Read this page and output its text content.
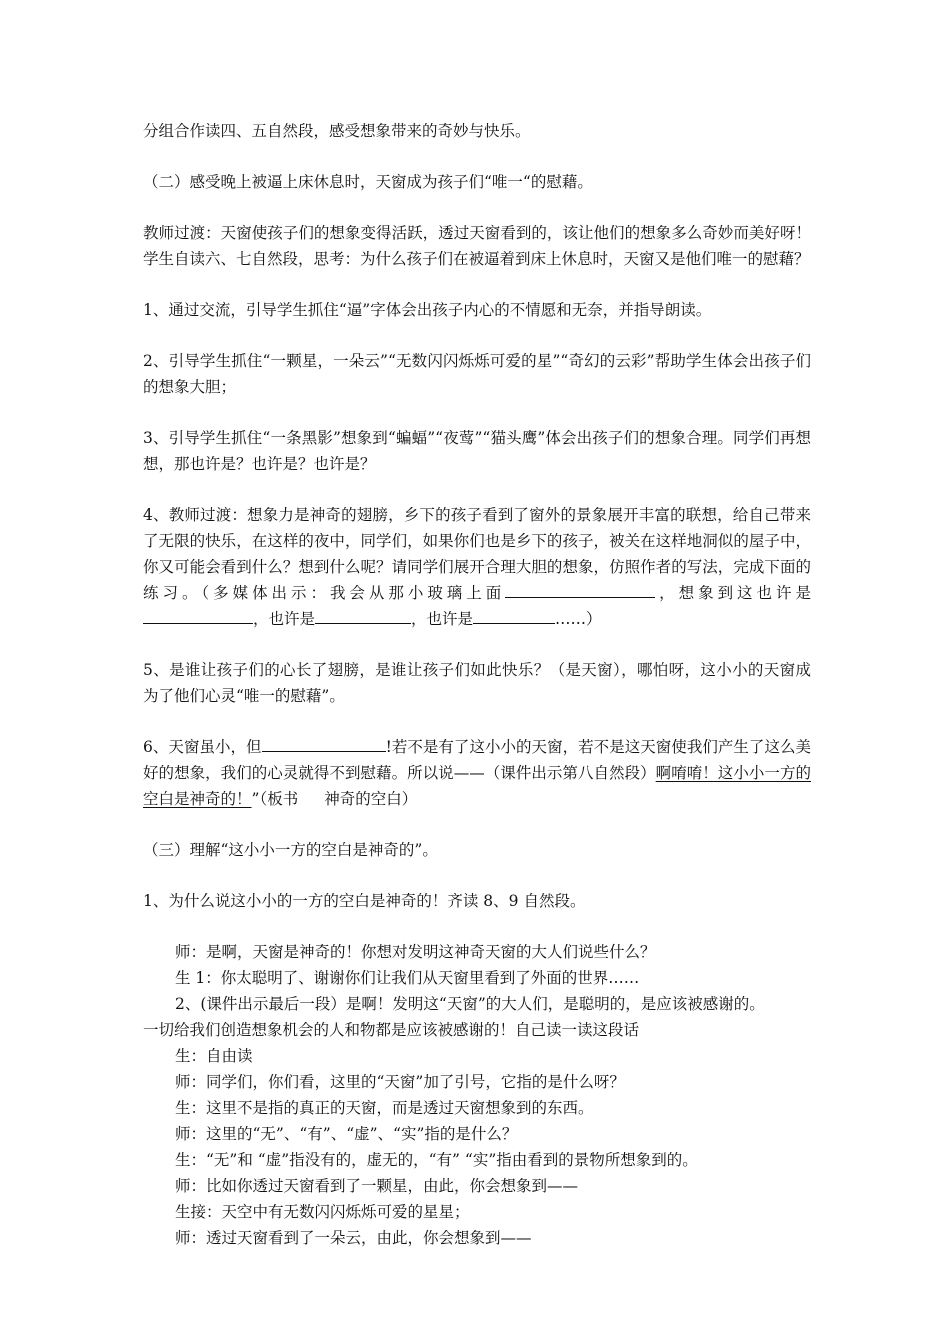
分组合作读四、五自然段，感受想象带来的奇妙与快乐。

（二）感受晚上被逼上床休息时，天窗成为孩子们“唯一“的慰藉。

教师过渡：天窗使孩子们的想象变得活跃，透过天窗看到的，该让他们的想象多么奇妙而美好呀！学生自读六、七自然段，思考：为什么孩子们在被逼着到床上休息时，天窗又是他们唯一的慰藉？

1、通过交流，引导学生抓住“逼”字体会出孩子内心的不情愿和无奈，并指导朗读。

2、引导学生抓住“一颗星，一朵云”“无数闪闪烁烁可爱的星”“奇幻的云彩”帮助学生体会出孩子们的想象大胆；

3、引导学生抓住“一条黑影”想象到“蝙蝠”“夜莺”“猫头鹰”体会出孩子们的想象合理。同学们再想想，那也许是？也许是？也许是？

4、教师过渡：想象力是神奇的翅膀，乡下的孩子看到了窗外的景象展开丰富的联想，给自己带来了无限的快乐，在这样的夜中，同学们，如果你们也是乡下的孩子，被关在这样地洞似的屋子中，你又可能会看到什么？想到什么呢？请同学们展开合理大胆的想象，仿照作者的写法，完成下面的练习。（多媒体出示：我会从那小玻璃上面	，想象到这也许是，也许是	，也许是	……）

5、是谁让孩子们的心长了翅膀，是谁让孩子们如此快乐？（是天窗），哪怕呀，这小小的天窗成为了他们心灵“唯一的慰藉”。

6、天窗虽小，但	!若不是有了这小小的天窗，若不是这天窗使我们产生了这么美好的想象，我们的心灵就得不到慰藉。所以说——（课件出示第八自然段）啊唷唷！这小小一方的空白是神奇的！”（板书 神奇的空白）

（三）理解“这小小一方的空白是神奇的”。

1、为什么说这小小的一方的空白是神奇的！齐读 8、9 自然段。

师：是啊，天窗是神奇的！你想对发明这神奇天窗的大人们说些什么？
生 1：你太聪明了、谢谢你们让我们从天窗里看到了外面的世界……
2、(课件出示最后一段）是啊！发明这“天窗”的大人们，是聪明的，是应该被感谢的。
一切给我们创造想象机会的人和物都是应该被感谢的！自己读一读这段话
生：自由读
师：同学们，你们看，这里的“天窗”加了引号，它指的是什么呀？
生：这里不是指的真正的天窗，而是透过天窗想象到的东西。
师：这里的“无”、“有”、“虚”、“实”指的是什么？
生：“无”和 “虚”指没有的，虚无的，“有” “实”指由看到的景物所想象到的。
师：比如你透过天窗看到了一颗星，由此，你会想象到——
生接：天空中有无数闪闪烁烁可爱的星星；
师：透过天窗看到了一朵云，由此，你会想象到——
